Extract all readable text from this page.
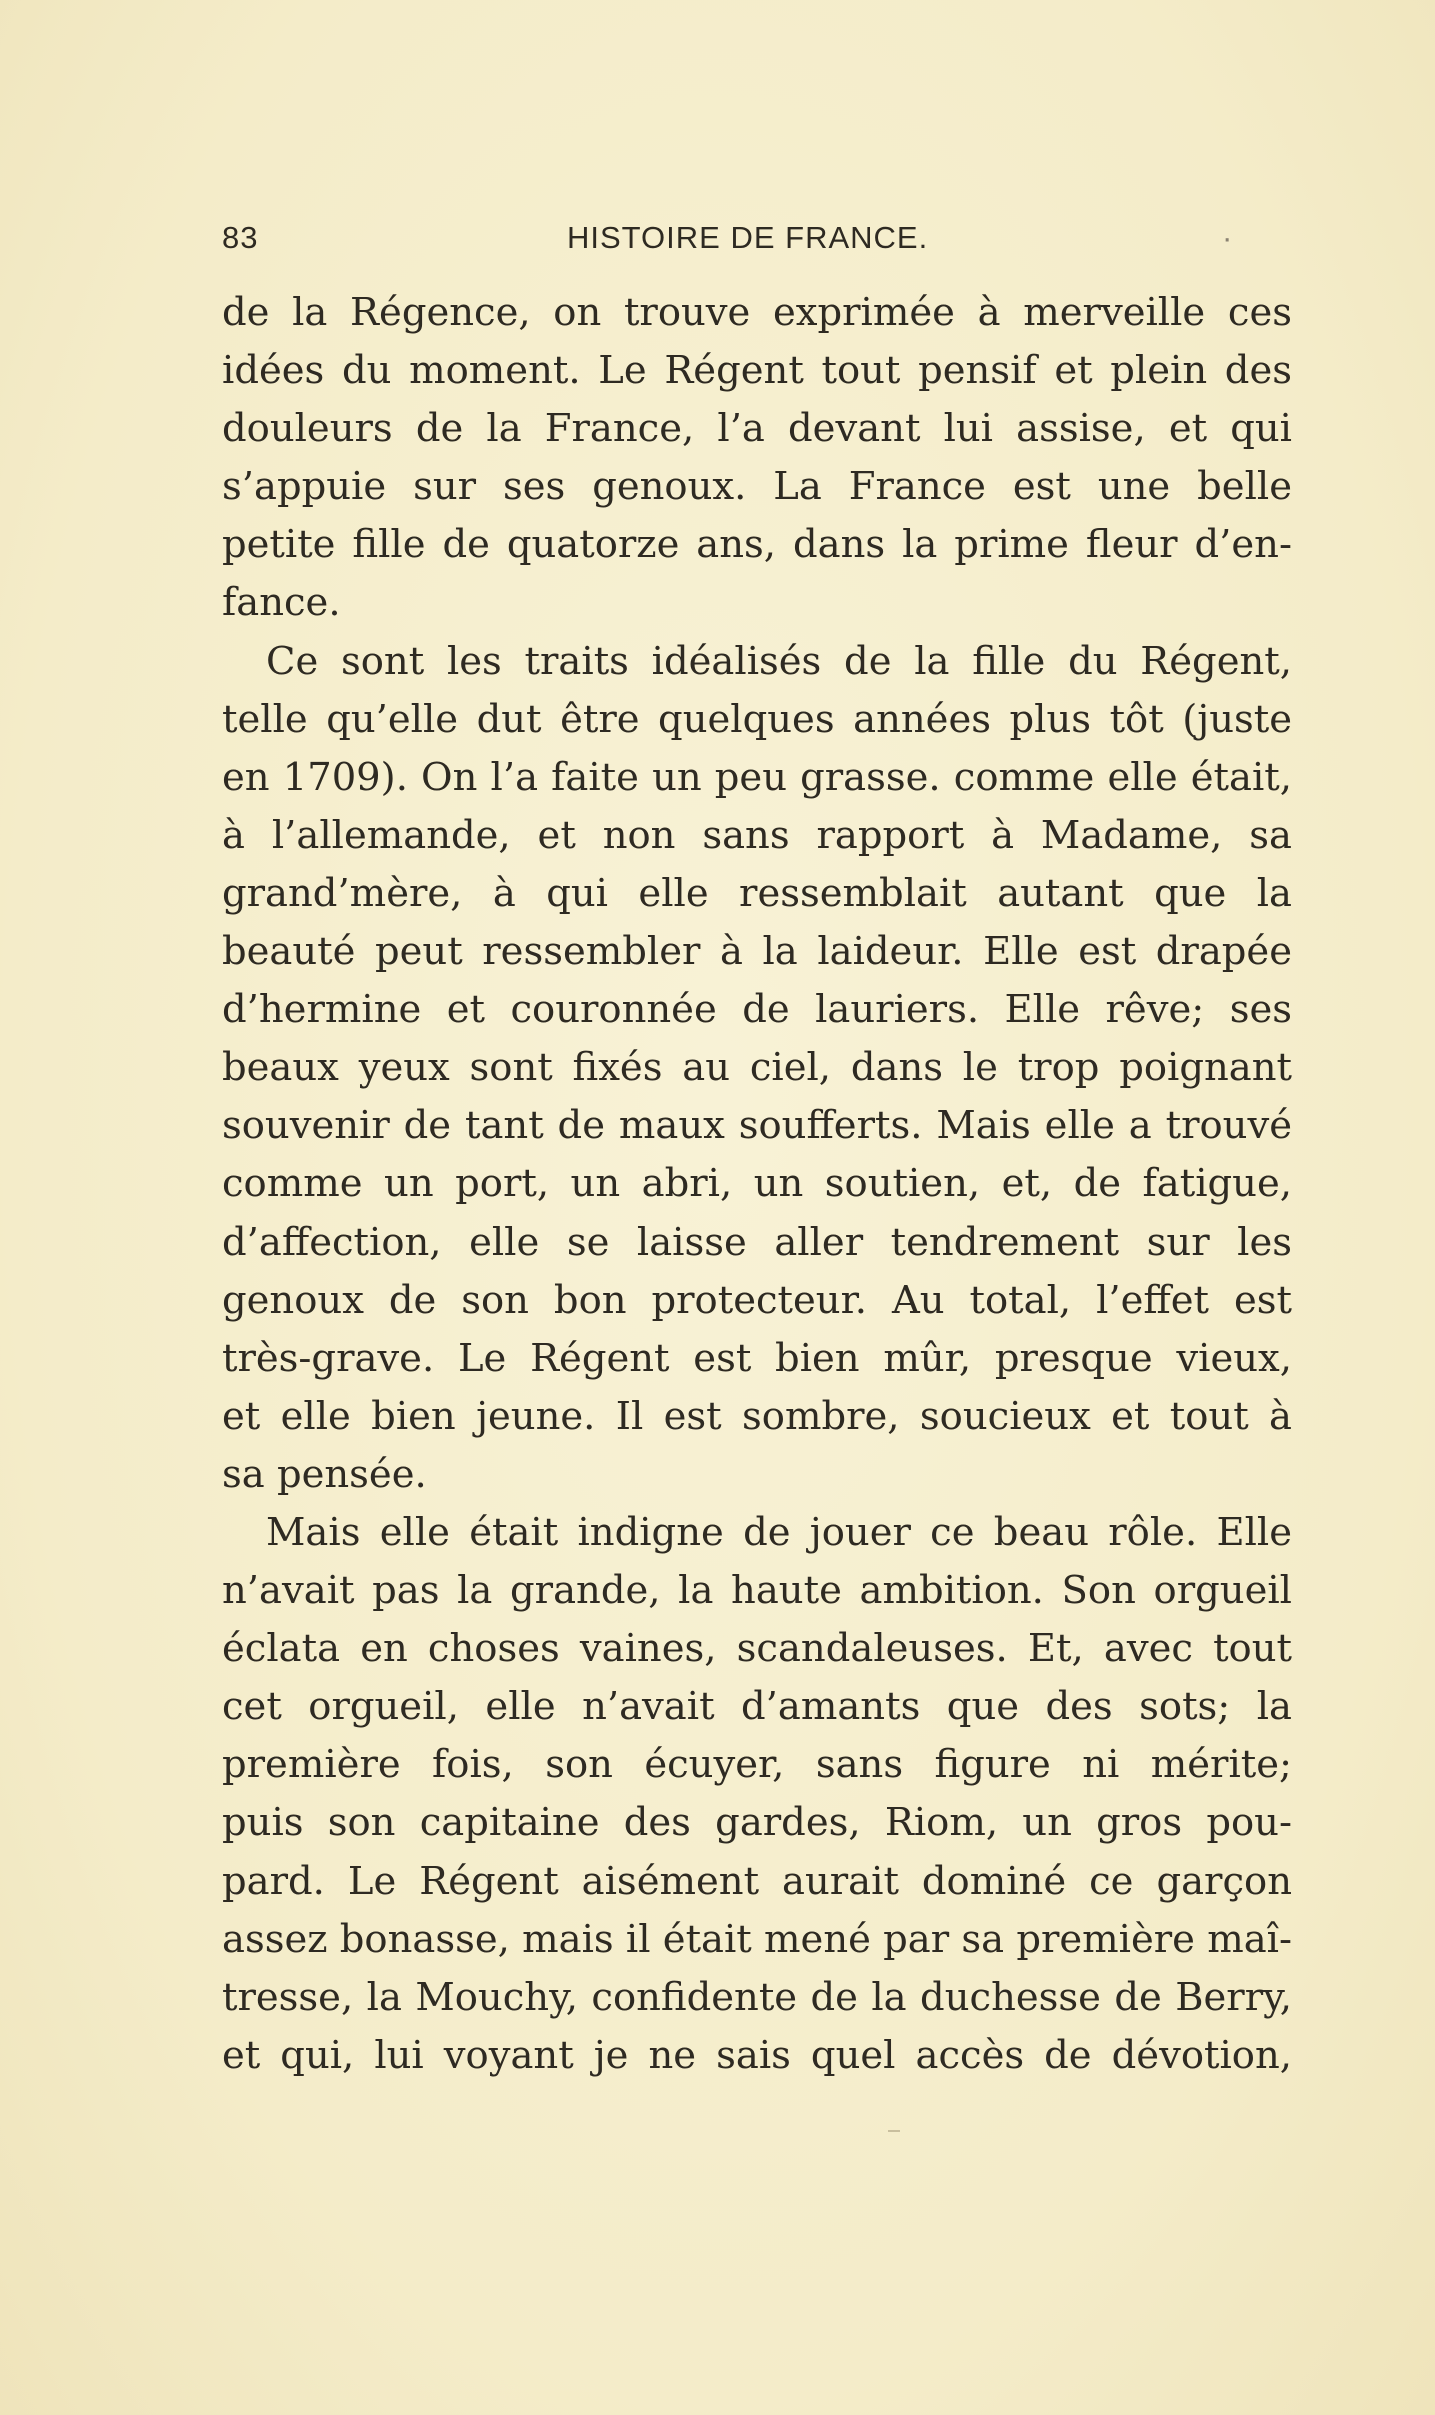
83	HISTOIRE DE FRANCE.	·
de la Régence, on trouve exprimée à merveille ces
idées du moment. Le Régent tout pensif et plein des
douleurs de la France, l’a devant lui assise, et qui
s’appuie sur ses genoux. La France est une belle
petite fille de quatorze ans, dans la prime fleur d’en-
fance.
Ce sont les traits idéalisés de la fille du Régent,
telle qu’elle dut être quelques années plus tôt (juste
en 1709). On l’a faite un peu grasse. comme elle était,
à l’allemande, et non sans rapport à Madame, sa
grand’mère, à qui elle ressemblait autant que la
beauté peut ressembler à la laideur. Elle est drapée
d’hermine et couronnée de lauriers. Elle rêve; ses
beaux yeux sont fixés au ciel, dans le trop poignant
souvenir de tant de maux soufferts. Mais elle a trouvé
comme un port, un abri, un soutien, et, de fatigue,
d’affection, elle se laisse aller tendrement sur les
genoux de son bon protecteur. Au total, l’effet est
très-grave. Le Régent est bien mûr, presque vieux,
et elle bien jeune. Il est sombre, soucieux et tout à
sa pensée.
Mais elle était indigne de jouer ce beau rôle. Elle
n’avait pas la grande, la haute ambition. Son orgueil
éclata en choses vaines, scandaleuses. Et, avec tout
cet orgueil, elle n’avait d’amants que des sots; la
première fois, son écuyer, sans figure ni mérite;
puis son capitaine des gardes, Riom, un gros pou-
pard. Le Régent aisément aurait dominé ce garçon
assez bonasse, mais il était mené par sa première maî-
tresse, la Mouchy, confidente de la duchesse de Berry,
et qui, lui voyant je ne sais quel accès de dévotion,
